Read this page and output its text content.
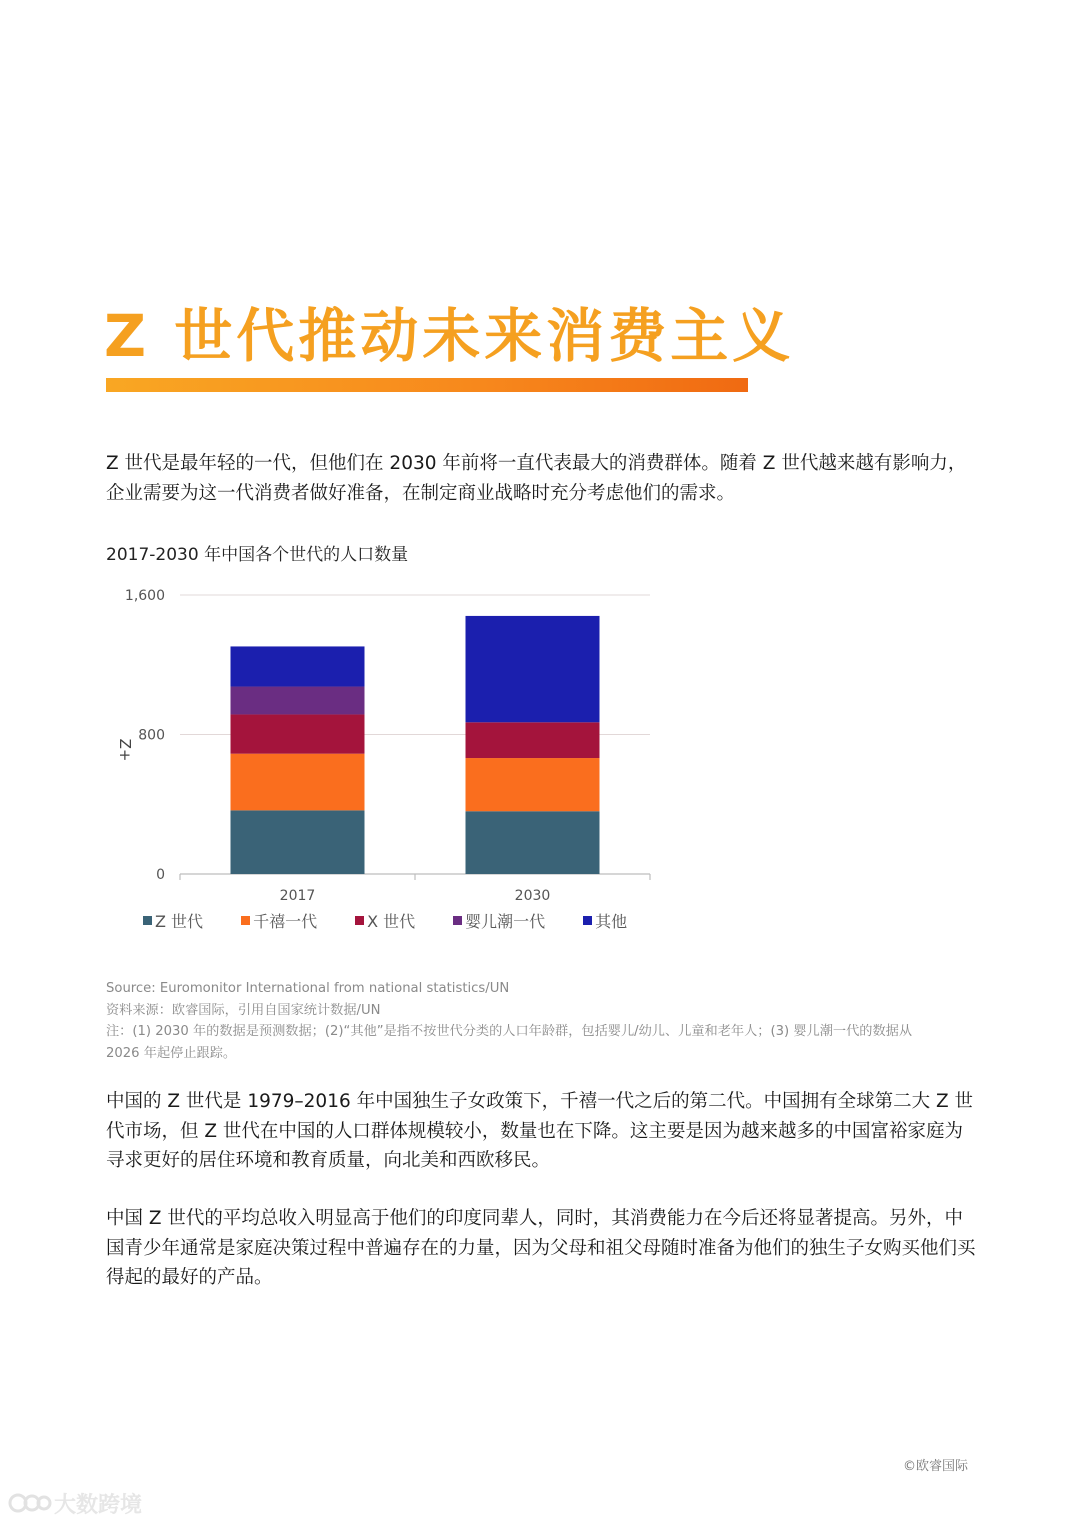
Z 世代推动未来消费主义

Z 世代是最年轻的一代，但他们在 2030 年前将一直代表最大的消费群体。随着 Z 世代越来越有影响力，企业需要为这一代消费者做好准备，在制定商业战略时充分考虑他们的需求。

2017-2030 年中国各个世代的人口数量

0
800
1,600
Z+
2017	2030
Z 世代	千禧一代	X 世代	婴儿潮一代	其他
Source: Euromonitor International from national statistics/UN
资料来源：欧睿国际，引用自国家统计数据/UN
注：(1) 2030 年的数据是预测数据；(2)“其他”是指不按世代分类的人口年龄群，包括婴儿/幼儿、儿童和老年人；(3) 婴儿潮一代的数据从
2026 年起停止跟踪。

中国的 Z 世代是 1979–2016 年中国独生子女政策下，千禧一代之后的第二代。中国拥有全球第二大 Z 世代市场，但 Z 世代在中国的人口群体规模较小，数量也在下降。这主要是因为越来越多的中国富裕家庭为寻求更好的居住环境和教育质量，向北美和西欧移民。

中国 Z 世代的平均总收入明显高于他们的印度同辈人，同时，其消费能力在今后还将显著提高。另外，中国青少年通常是家庭决策过程中普遍存在的力量，因为父母和祖父母随时准备为他们的独生子女购买他们买得起的最好的产品。

©欧睿国际

大数跨境
